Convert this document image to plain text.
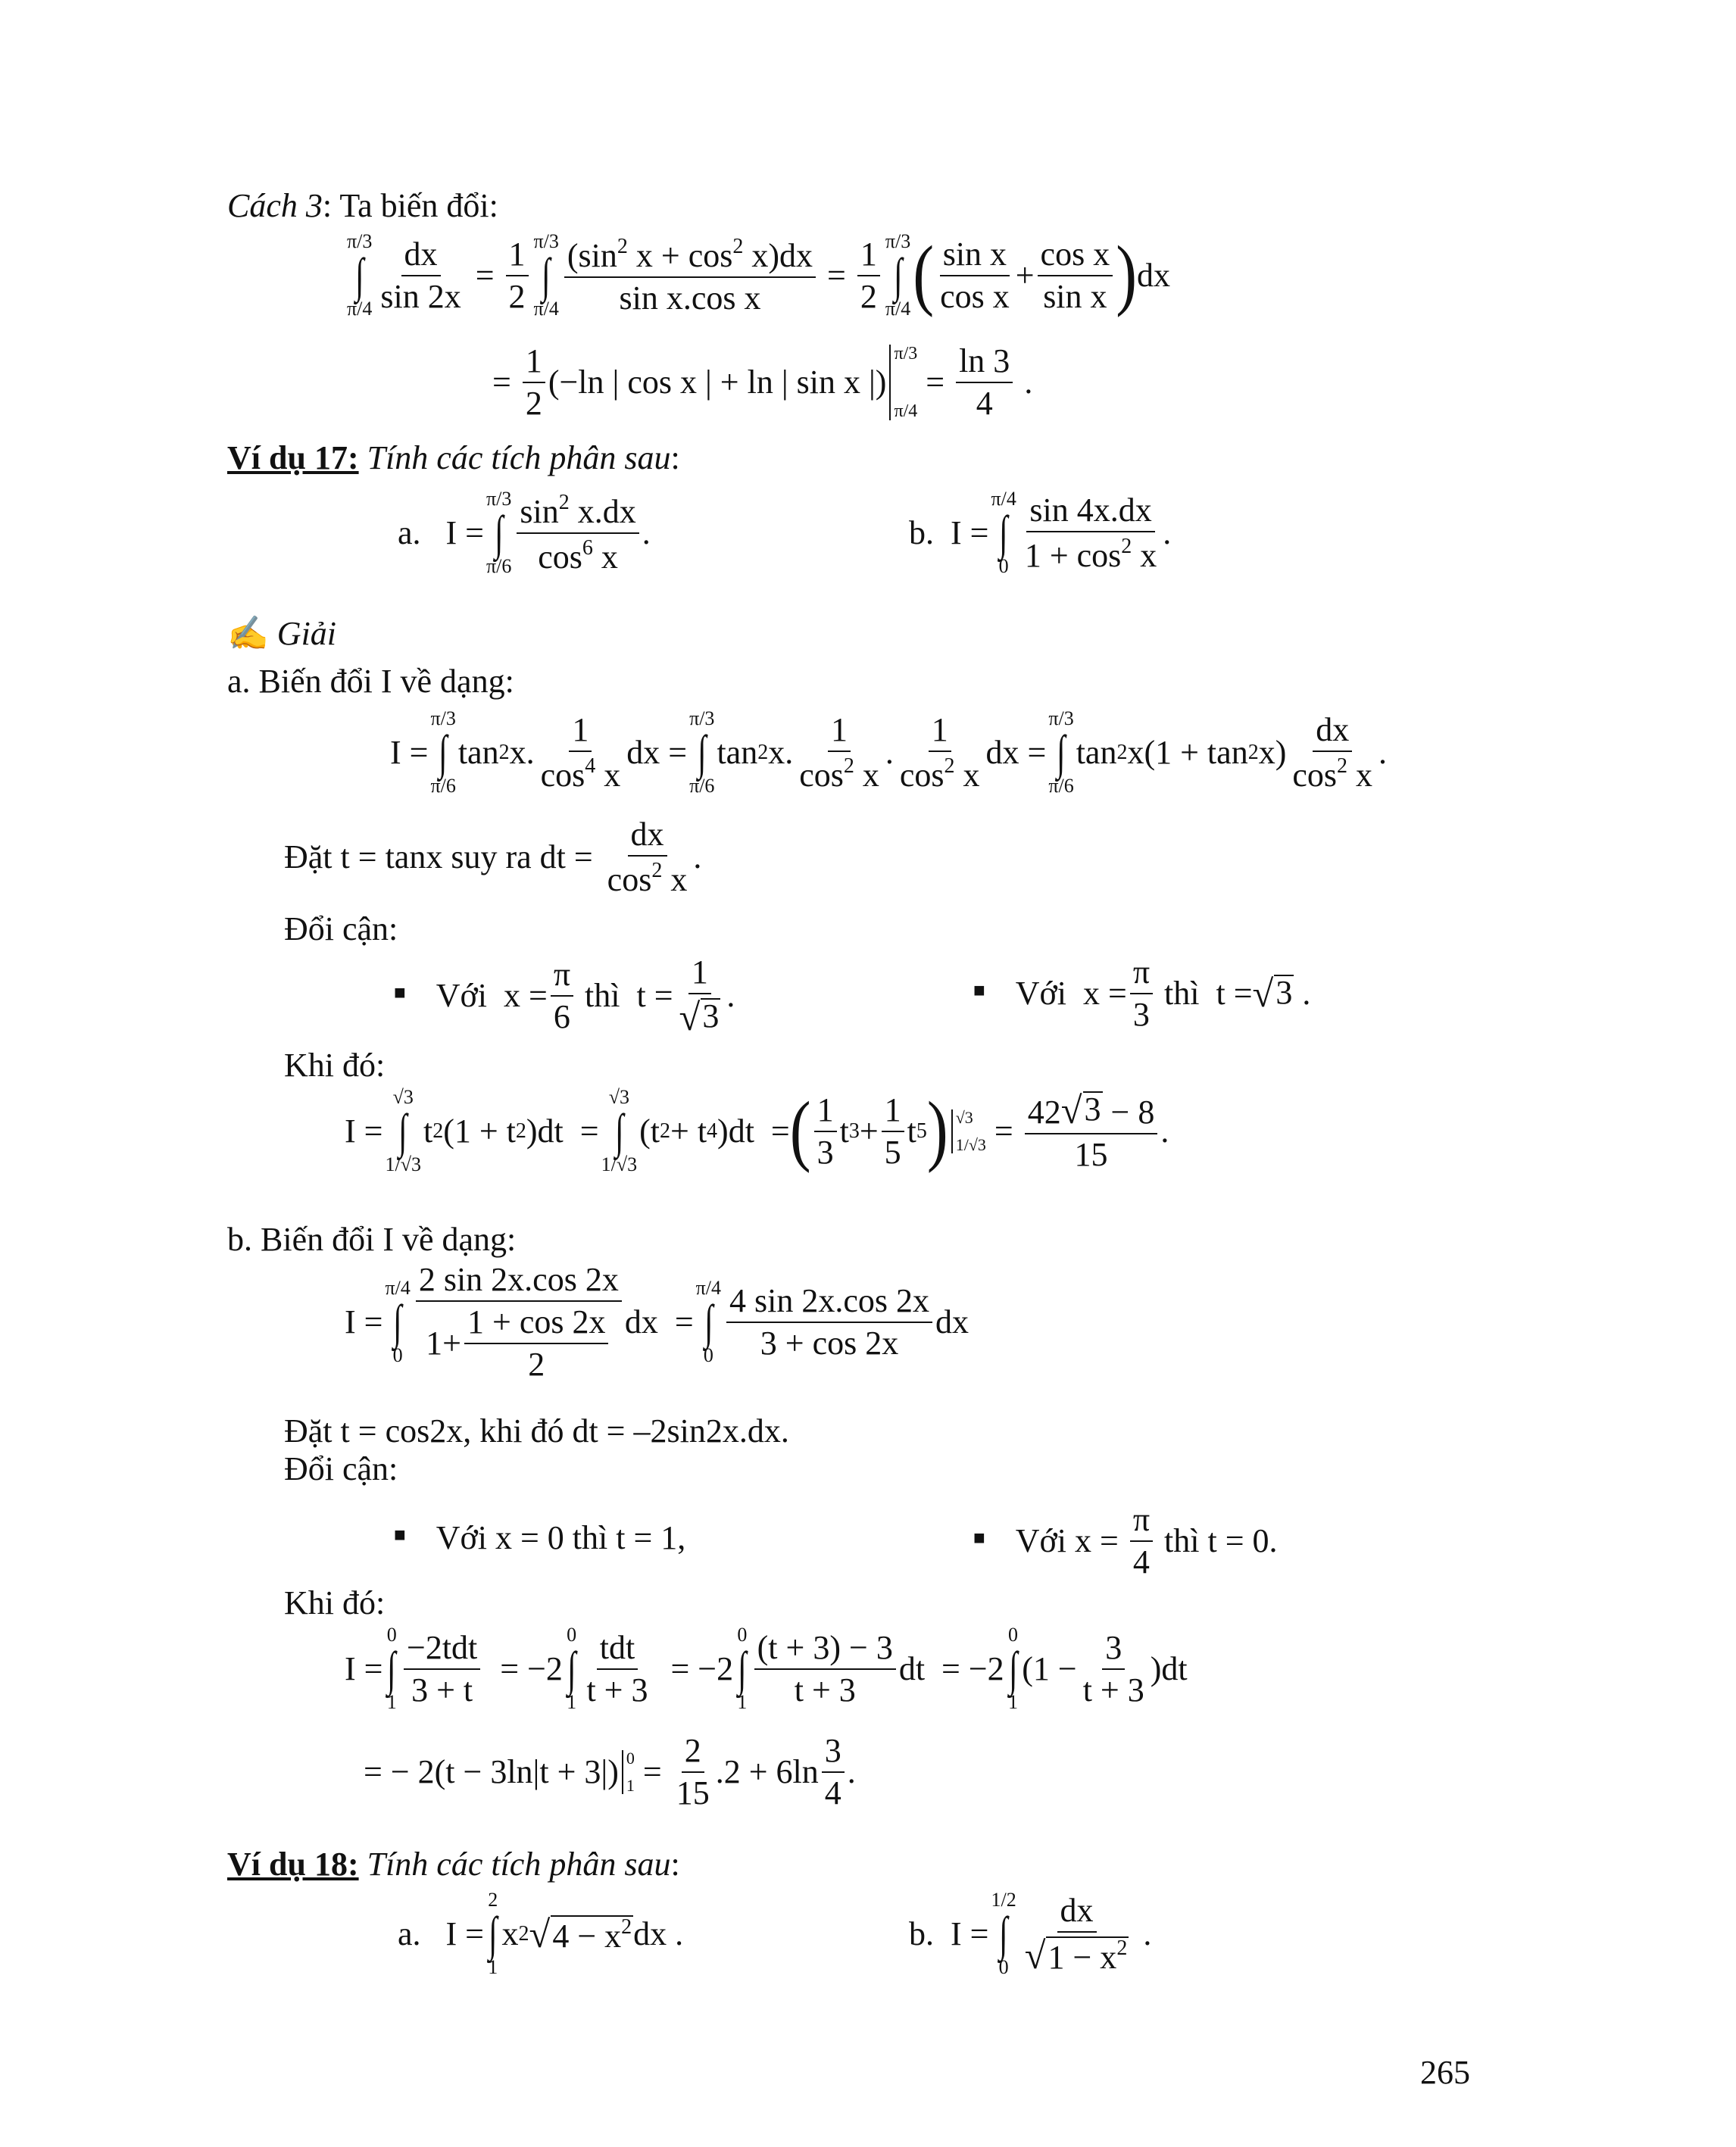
Cách 3: Ta biến đổi:
π/3
∫
π/4
dx
sin 2x
=
1
2
π/3
∫
π/4
($\sin^2$ $x + \cos^2 x)dx$
sin x.cos x
=
1
2
π/3
∫
π/4 ( sin x
cos x
+
cos x
sin x ) dx
=
1
2
(−ln | cos x | + ln | sin x |)
π/3
π/4
=
ln 3
4
.
Ví dụ 17: Tính các tích phân sau:
a.   I =
π/3
∫
π/6
$\sin^2 x.dx$
$\cos^6 x$
.	b.  I =
π/4
∫
0
sin 4x.dx
$1 + \cos^2 x$
.
✍ Giải
a. Biến đổi I về dạng:
I =
π/3
∫
π/6
tan 2 x.
1
$\cos^4 x$
dx =
π/3
∫
π/6
tan 2 x.
1
$\cos^2 x$
.
1
$\cos^2 x$
dx =
π/3
∫
π/6
tan 2 x(1 + tan 2 x)
dx
$\cos^2 x$
.
Đặt t = tanx suy ra dt =
$\frac{dx}{\cos^2 x}$ .
Đổi cận:
■ Với  x =
π
6
thì  t =
1
√ 3
.	■ Với  x =
π
3
thì  t = √ 3 .
Khi đó:
I =
√3
∫
1/√3
t 2 (1 + t 2 )dt  =
√3
∫
1/√3
(t 2 + t 4 )dt  = ( 1
3
t 3 +
1
5
t 5 ) √3
1/√3 =
42 √ 3 − 8
15
.
b. Biến đổi I về dạng:
I =
π/4
∫
0
2 sin 2x.cos 2x
1+
1 + cos 2x
2
dx  =
π/4
∫
0
4 sin 2x.cos 2x
3 + cos 2x
dx
Đặt t = cos2x, khi đó dt = –2sin2x.dx.
Đổi cận:
■ Với x = 0 thì t = 1,	■ Với x =
π
4

thì t = 0.
Khi đó:
I =
0
∫
1
−2tdt
3 + t
= −2
0
∫
1
tdt
t + 3
= −2
0
∫
1
(t + 3) − 3
t + 3
dt  = −2
0
∫
1
(1 −
3
t + 3
)dt
= − 2(t − 3ln|t + 3|) 0
1 =
2
15
.2 + 6ln
3
4
.
Ví dụ 18: Tính các tích phân sau:
a.   I =
2
∫
1
x 2 √ $4 - x^2$ dx .	b.  I =
1/2
∫
0
dx
√ $1 - x^2$ .
265
